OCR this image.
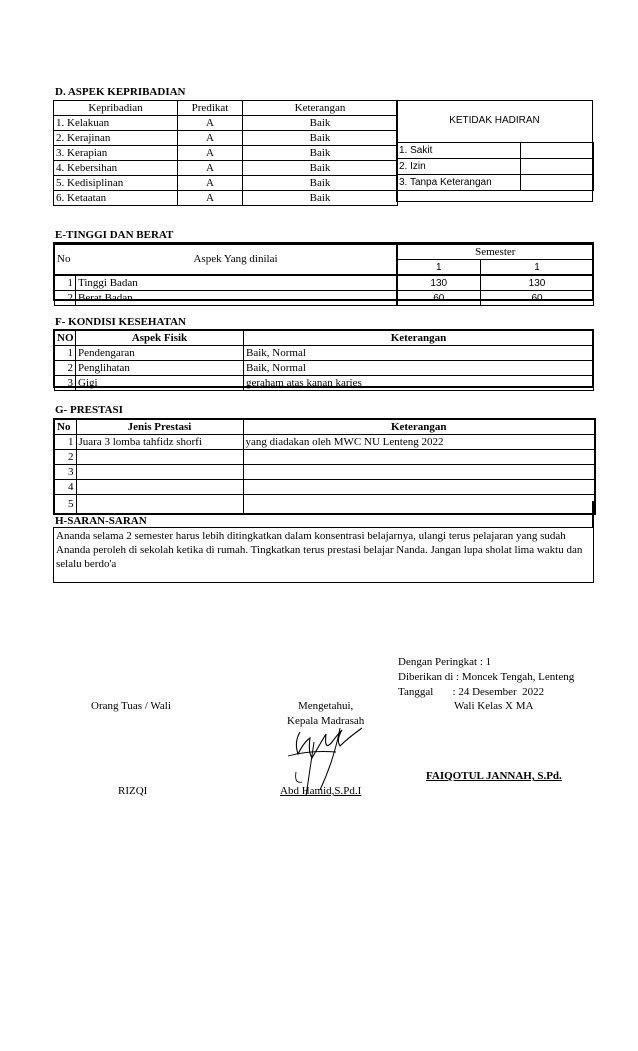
D. ASPEK KEPRIBADIAN
Kepribadian	Predikat	Keterangan
1. Kelakuan	A	Baik
2. Kerajinan	A	Baik
3. Kerapian	A	Baik
4. Kebersihan	A	Baik
5. Kedisiplinan	A	Baik
6. Ketaatan	A	Baik
KETIDAK HADIRAN
1. Sakit	
2. Izin	
3. Tanpa Keterangan	
E-TINGGI DAN BERAT
No	Aspek Yang dinilai	Semester	
		1	1
1	Tinggi Badan	130	130
2	Berat Badan	60	60
F- KONDISI KESEHATAN
NO	Aspek Fisik	Keterangan
1	Pendengaran	Baik, Normal
2	Penglihatan	Baik, Normal
3	Gigi	geraham atas kanan karies
G- PRESTASI
No	Jenis Prestasi	Keterangan
1	Juara 3 lomba tahfidz shorfi	yang diadakan oleh MWC NU Lenteng 2022
2		
3		
4		
5		
H-SARAN-SARAN
Ananda selama 2 semester harus lebih ditingkatkan dalam konsentrasi belajarnya, ulangi terus pelajaran yang sudah
Ananda peroleh di sekolah ketika di rumah. Tingkatkan terus prestasi belajar Nanda. Jangan lupa sholat lima waktu dan
selalu berdo'a
Dengan Peringkat : 1
Diberikan di : Moncek Tengah, Lenteng
Tanggal       : 24 Desember  2022
Orang Tuas / Wali	Mengetahui,	Wali Kelas X MA
Kepala Madrasah
RIZQI	Abd Hamid,S.Pd.I
FAIQOTUL JANNAH, S.Pd.
